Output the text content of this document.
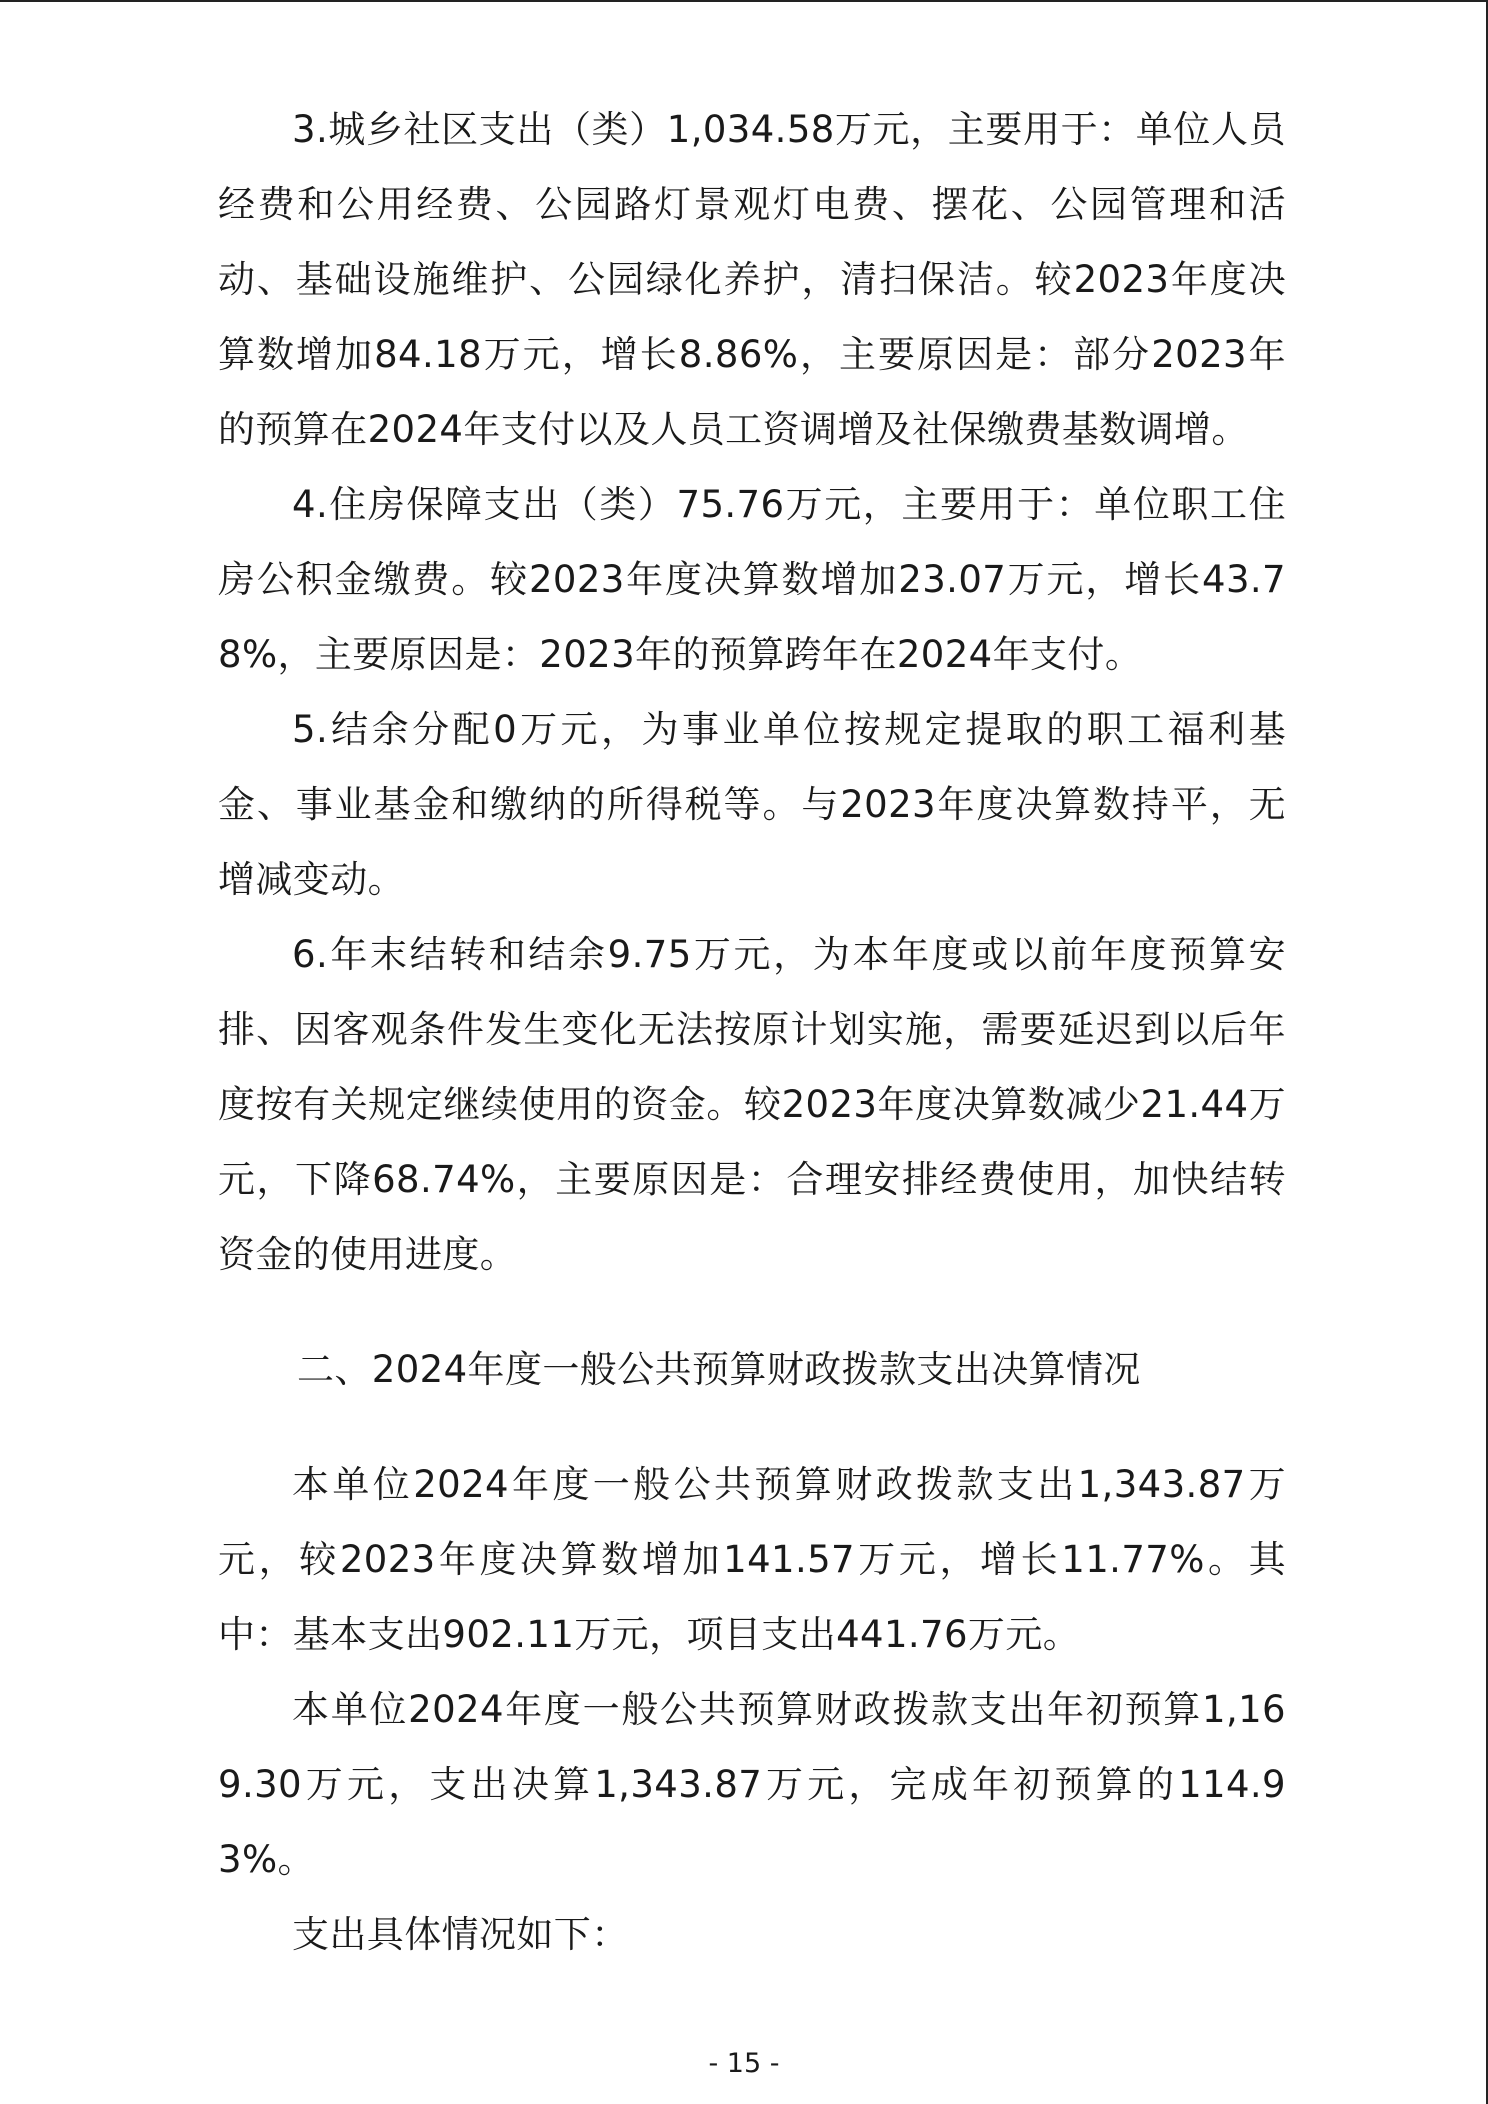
3.城乡社区支出（类）1,034.58万元，主要用于：单位人员经费和公用经费、公园路灯景观灯电费、摆花、公园管理和活动、基础设施维护、公园绿化养护，清扫保洁。较2023年度决算数增加84.18万元，增长8.86%，主要原因是：部分2023年的预算在2024年支付以及人员工资调增及社保缴费基数调增。

4.住房保障支出（类）75.76万元，主要用于：单位职工住房公积金缴费。较2023年度决算数增加23.07万元，增长43.78%，主要原因是：2023年的预算跨年在2024年支付。

5.结余分配0万元，为事业单位按规定提取的职工福利基金、事业基金和缴纳的所得税等。与2023年度决算数持平，无增减变动。

6.年末结转和结余9.75万元，为本年度或以前年度预算安排、因客观条件发生变化无法按原计划实施，需要延迟到以后年度按有关规定继续使用的资金。较2023年度决算数减少21.44万元，下降68.74%，主要原因是：合理安排经费使用，加快结转资金的使用进度。

二、2024年度一般公共预算财政拨款支出决算情况

本单位2024年度一般公共预算财政拨款支出1,343.87万元，较2023年度决算数增加141.57万元，增长11.77%。其中：基本支出902.11万元，项目支出441.76万元。

本单位2024年度一般公共预算财政拨款支出年初预算1,169.30万元，支出决算1,343.87万元，完成年初预算的114.93%。

支出具体情况如下：

- 15 -
